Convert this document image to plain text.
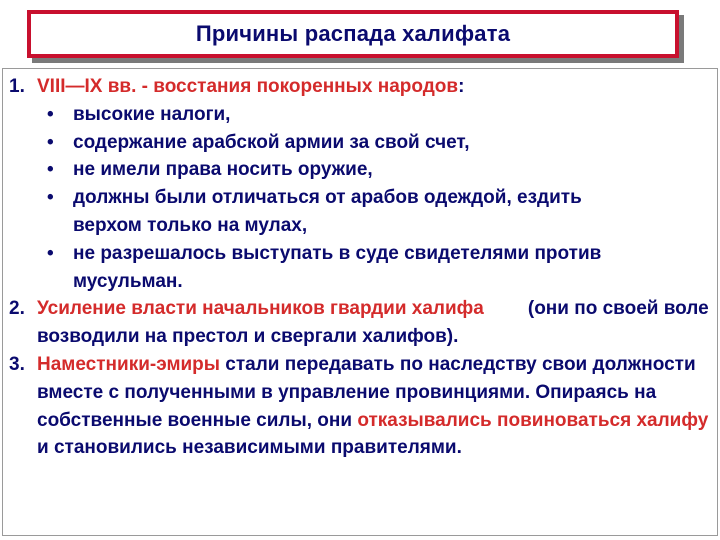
Причины распада халифата
1. VIII—IX вв. - восстания покоренных народов:
•	высокие налоги,
•	содержание арабской армии за свой счет,
•	не имели права носить оружие,
•	должны были отличаться от арабов одеждой, ездить верхом только на мулах,
•	не разрешалось выступать в суде свидетелями против мусульман.
2. Усиление власти начальников гвардии халифа (они по своей воле возводили на престол и свергали халифов).
3. Наместники-эмиры стали передавать по наследству свои должности вместе с полученными в управление провинциями. Опираясь на собственные военные силы, они отказывались повиноваться халифу и становились независимыми правителями.
